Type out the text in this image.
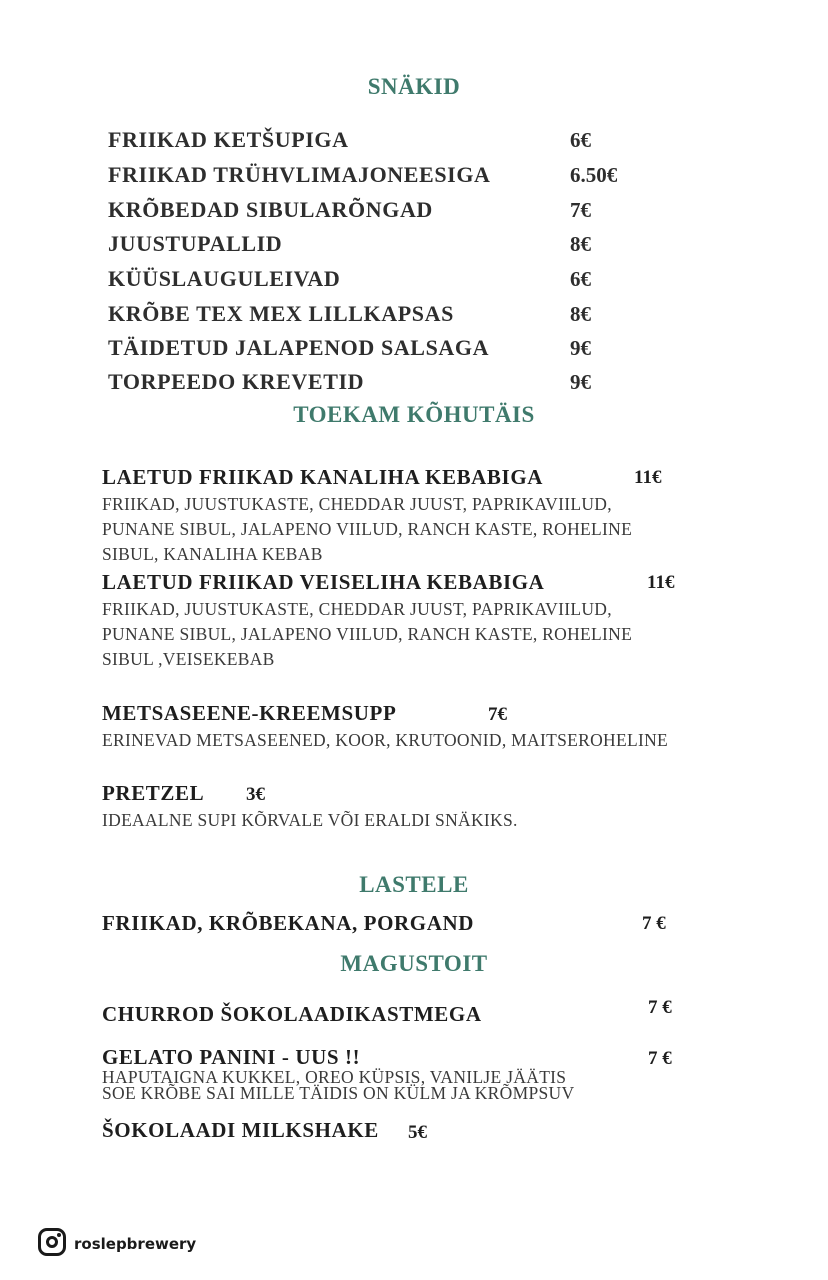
SNÄKID
FRIIKAD KETŠUPIGA	6€
FRIIKAD TRÜHVLIMAJONEESIGA	6.50€
KRÕBEDAD SIBULARÕNGAD	7€
JUUSTUPALLID	8€
KÜÜSLAUGULEIVAD	6€
KRÕBE TEX MEX LILLKAPSAS	8€
TÄIDETUD JALAPENOD SALSAGA	9€
TORPEEDO KREVETID	9€
TOEKAM KÕHUTÄIS
LAETUD FRIIKAD KANALIHA KEBABIGA	11€
FRIIKAD, JUUSTUKASTE, CHEDDAR JUUST, PAPRIKAVIILUD,
PUNANE SIBUL, JALAPENO VIILUD, RANCH KASTE, ROHELINE
SIBUL, KANALIHA KEBAB
LAETUD FRIIKAD VEISELIHA KEBABIGA	11€
FRIIKAD, JUUSTUKASTE, CHEDDAR JUUST, PAPRIKAVIILUD,
PUNANE SIBUL, JALAPENO VIILUD, RANCH KASTE, ROHELINE
SIBUL ,VEISEKEBAB
METSASEENE-KREEMSUPP	7€
ERINEVAD METSASEENED, KOOR, KRUTOONID, MAITSEROHELINE
PRETZEL 3€
IDEAALNE SUPI KÕRVALE VÕI ERALDI SNÄKIKS.
LASTELE
FRIIKAD, KRÕBEKANA, PORGAND	7 €
MAGUSTOIT
CHURROD ŠOKOLAADIKASTMEGA	7 €
GELATO PANINI - UUS !!	7 €
HAPUTAIGNA KUKKEL, OREO KÜPSIS, VANILJE JÄÄTIS
SOE KRÕBE SAI MILLE TÄIDIS ON KÜLM JA KRÕMPSUV
ŠOKOLAADI MILKSHAKE 5€
roslepbrewery
